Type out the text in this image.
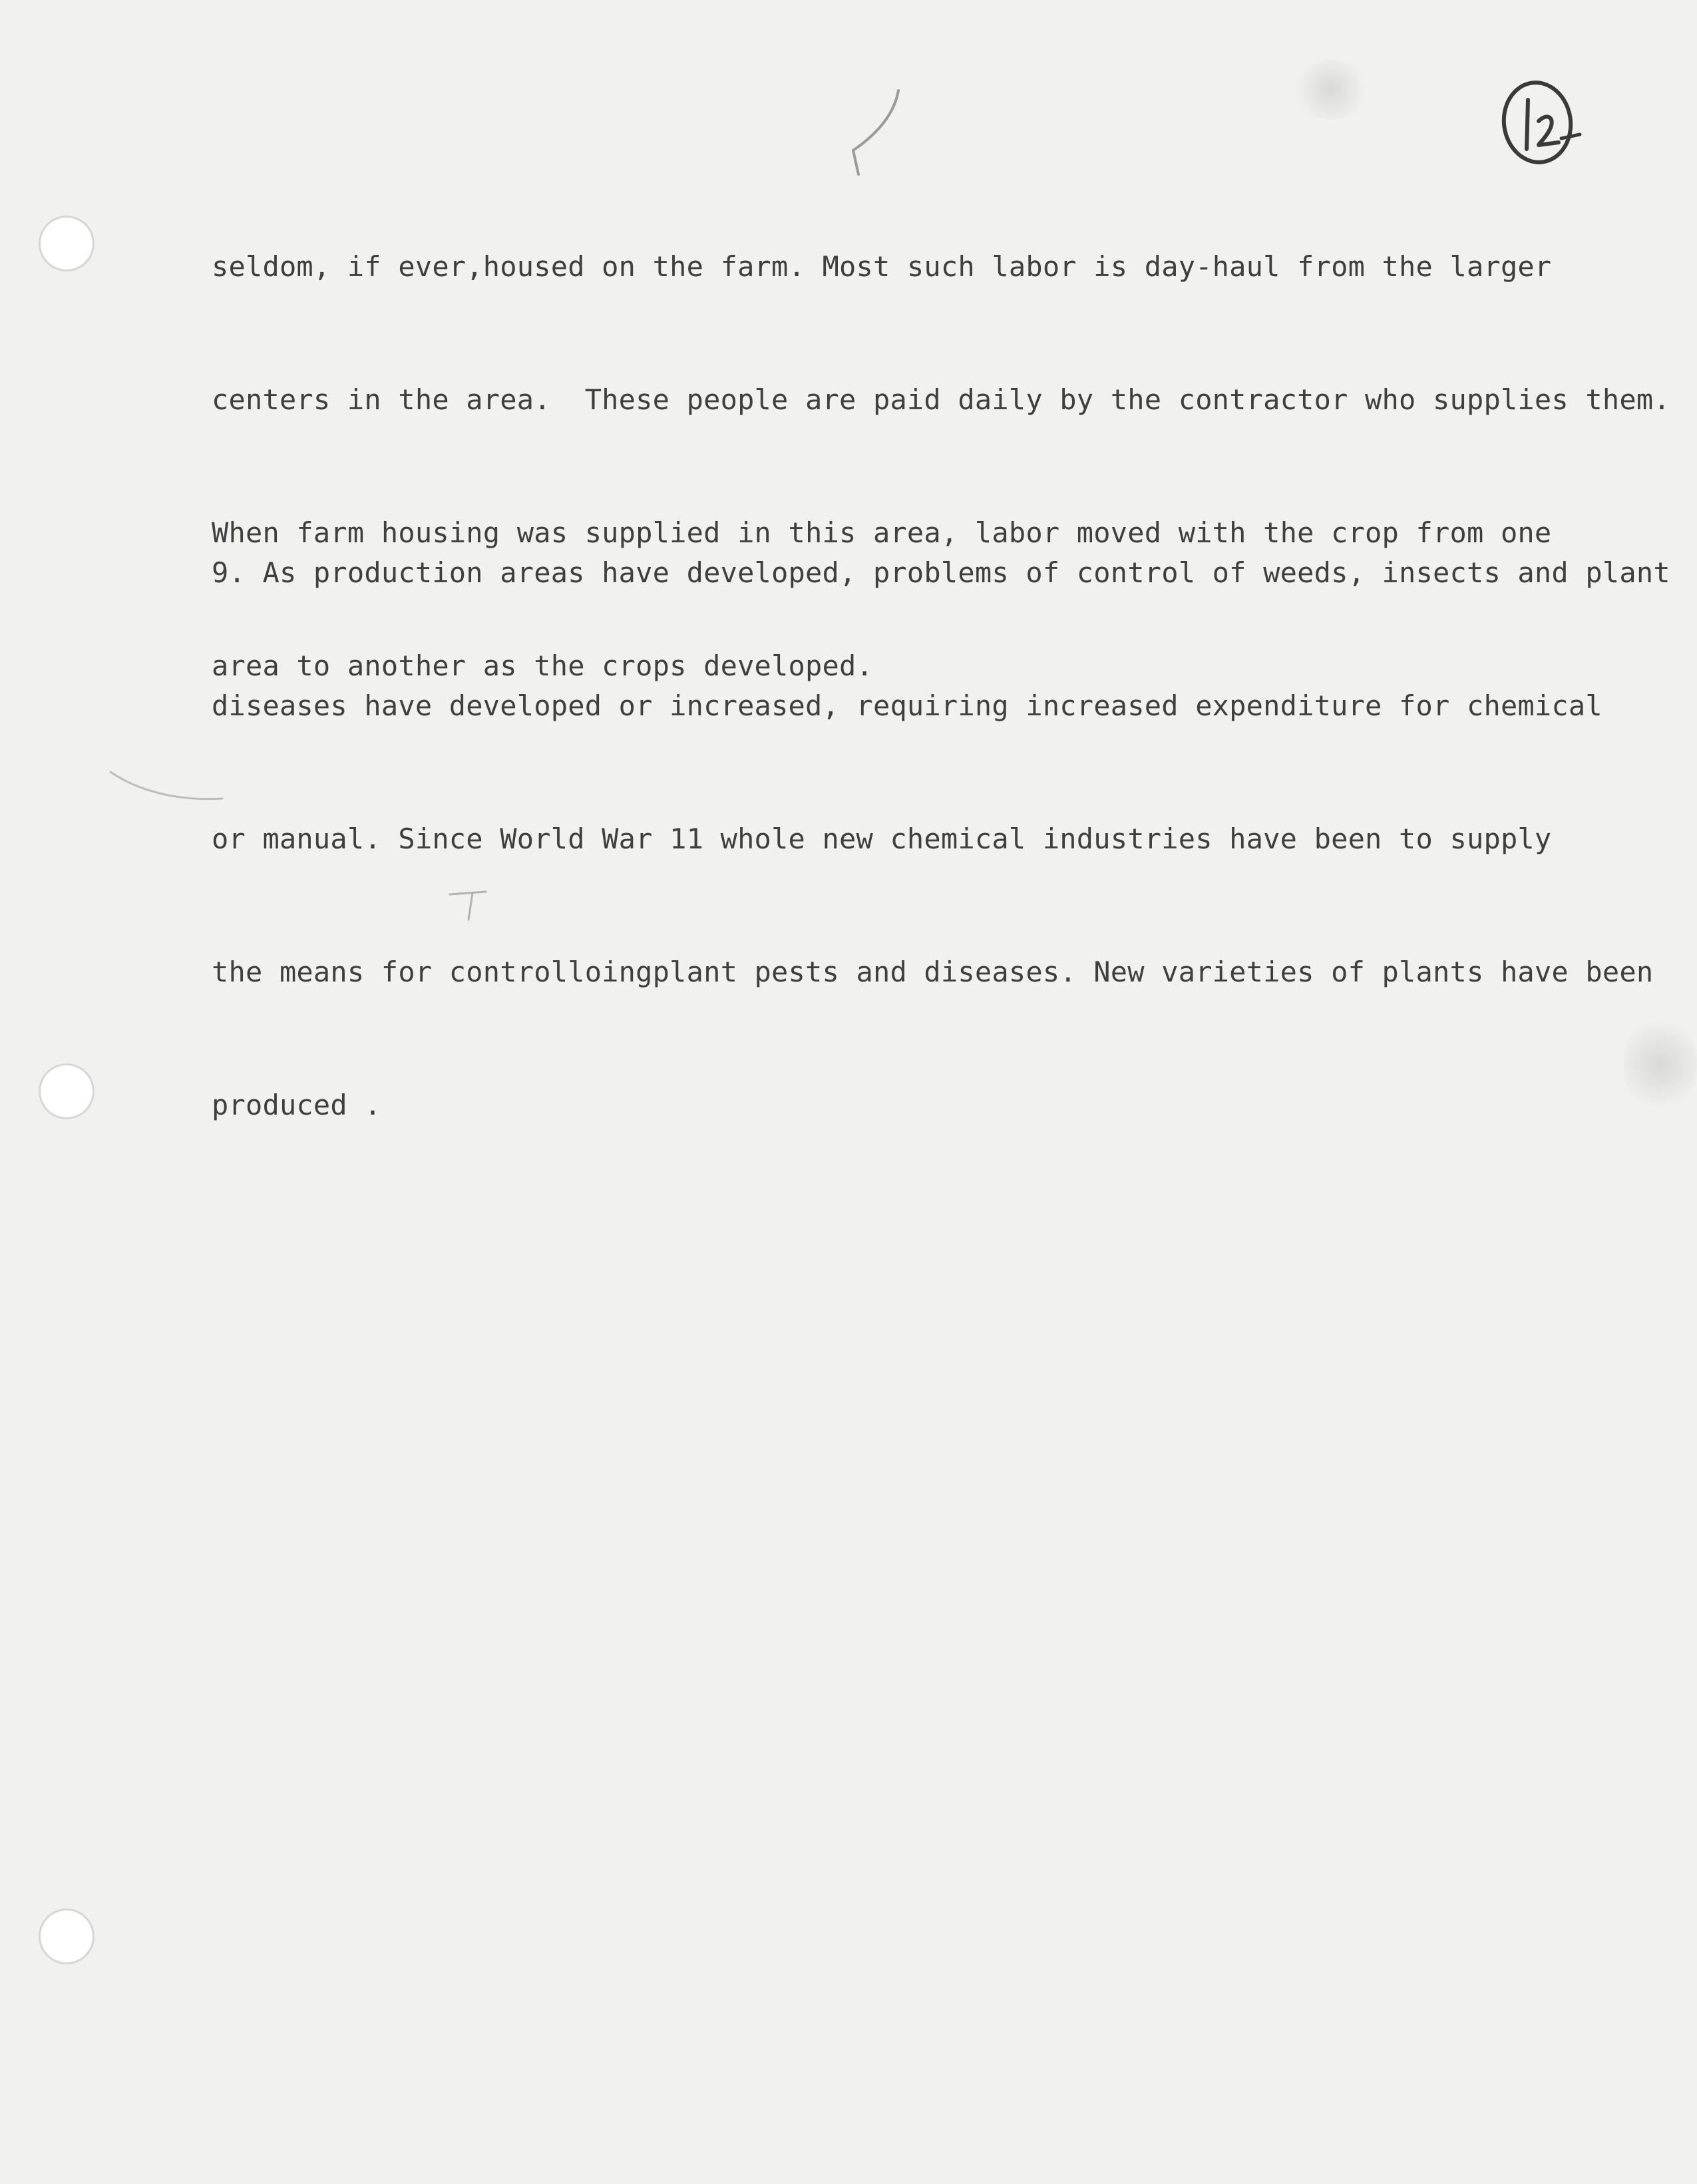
seldom, if ever,housed on the farm. Most such labor is day-haul from the larger

centers in the area.  These people are paid daily by the contractor who supplies them.

When farm housing was supplied in this area, labor moved with the crop from one

area to another as the crops developed.

9. As production areas have developed, problems of control of weeds, insects and plant

diseases have developed or increased, requiring increased expenditure for chemical

or manual. Since World War 11 whole new chemical industries have been to supply

the means for controlloingplant pests and diseases. New varieties of plants have been

produced .
